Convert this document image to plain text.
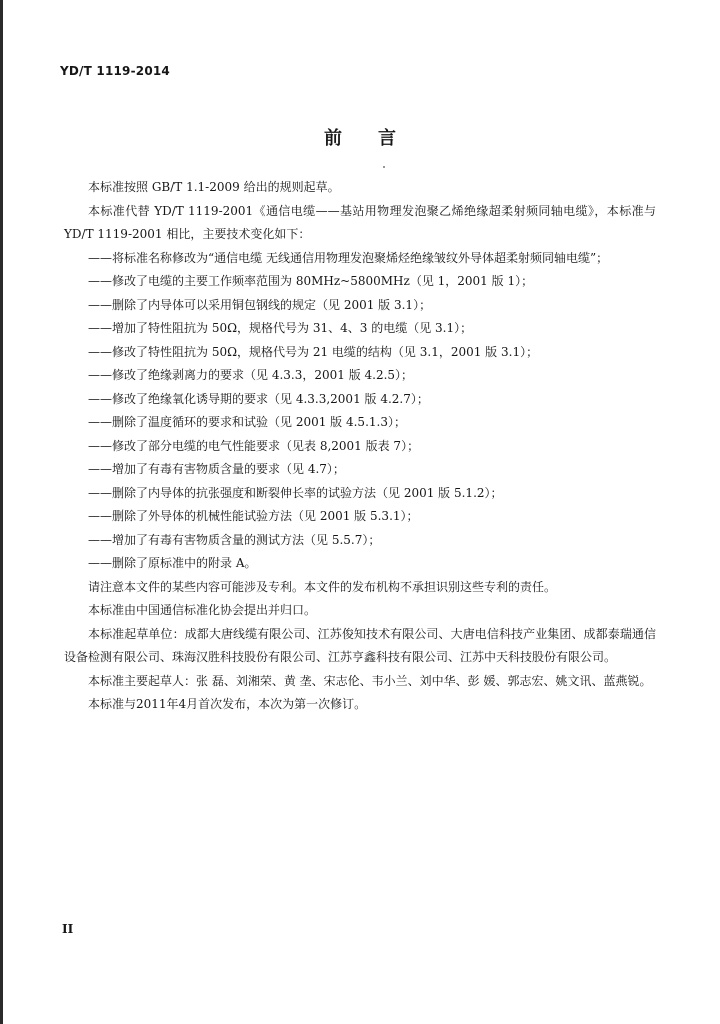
YD/T 1119-2014
前言

本标准按照 GB/T 1.1-2009 给出的规则起草。

本标准代替 YD/T 1119-2001《通信电缆——基站用物理发泡聚乙烯绝缘超柔射频同轴电缆》，本标准与 YD/T 1119-2001 相比，主要技术变化如下：

——将标准名称修改为“通信电缆 无线通信用物理发泡聚烯烃绝缘皱纹外导体超柔射频同轴电缆”；

——修改了电缆的主要工作频率范围为 80MHz~5800MHz（见 1，2001 版 1）；

——删除了内导体可以采用铜包钢线的规定（见 2001 版 3.1）；

——增加了特性阻抗为 50Ω，规格代号为 31、4、3 的电缆（见 3.1）；

——修改了特性阻抗为 50Ω，规格代号为 21 电缆的结构（见 3.1，2001 版 3.1）；

——修改了绝缘剥离力的要求（见 4.3.3，2001 版 4.2.5）；

——修改了绝缘氧化诱导期的要求（见 4.3.3,2001 版 4.2.7）；

——删除了温度循环的要求和试验（见 2001 版 4.5.1.3）；

——修改了部分电缆的电气性能要求（见表 8,2001 版表 7）；

——增加了有毒有害物质含量的要求（见 4.7）；

——删除了内导体的抗张强度和断裂伸长率的试验方法（见 2001 版 5.1.2）；

——删除了外导体的机械性能试验方法（见 2001 版 5.3.1）；

——增加了有毒有害物质含量的测试方法（见 5.5.7）；

——删除了原标准中的附录 A。

请注意本文件的某些内容可能涉及专利。本文件的发布机构不承担识别这些专利的责任。

本标准由中国通信标准化协会提出并归口。

本标准起草单位：成都大唐线缆有限公司、江苏俊知技术有限公司、大唐电信科技产业集团、成都泰瑞通信设备检测有限公司、珠海汉胜科技股份有限公司、江苏亨鑫科技有限公司、江苏中天科技股份有限公司。

本标准主要起草人：张 磊、刘湘荣、黄 垄、宋志伦、韦小兰、刘中华、彭 媛、郭志宏、姚文讯、蓝燕锐。

本标准与2011年4月首次发布，本次为第一次修订。

II
